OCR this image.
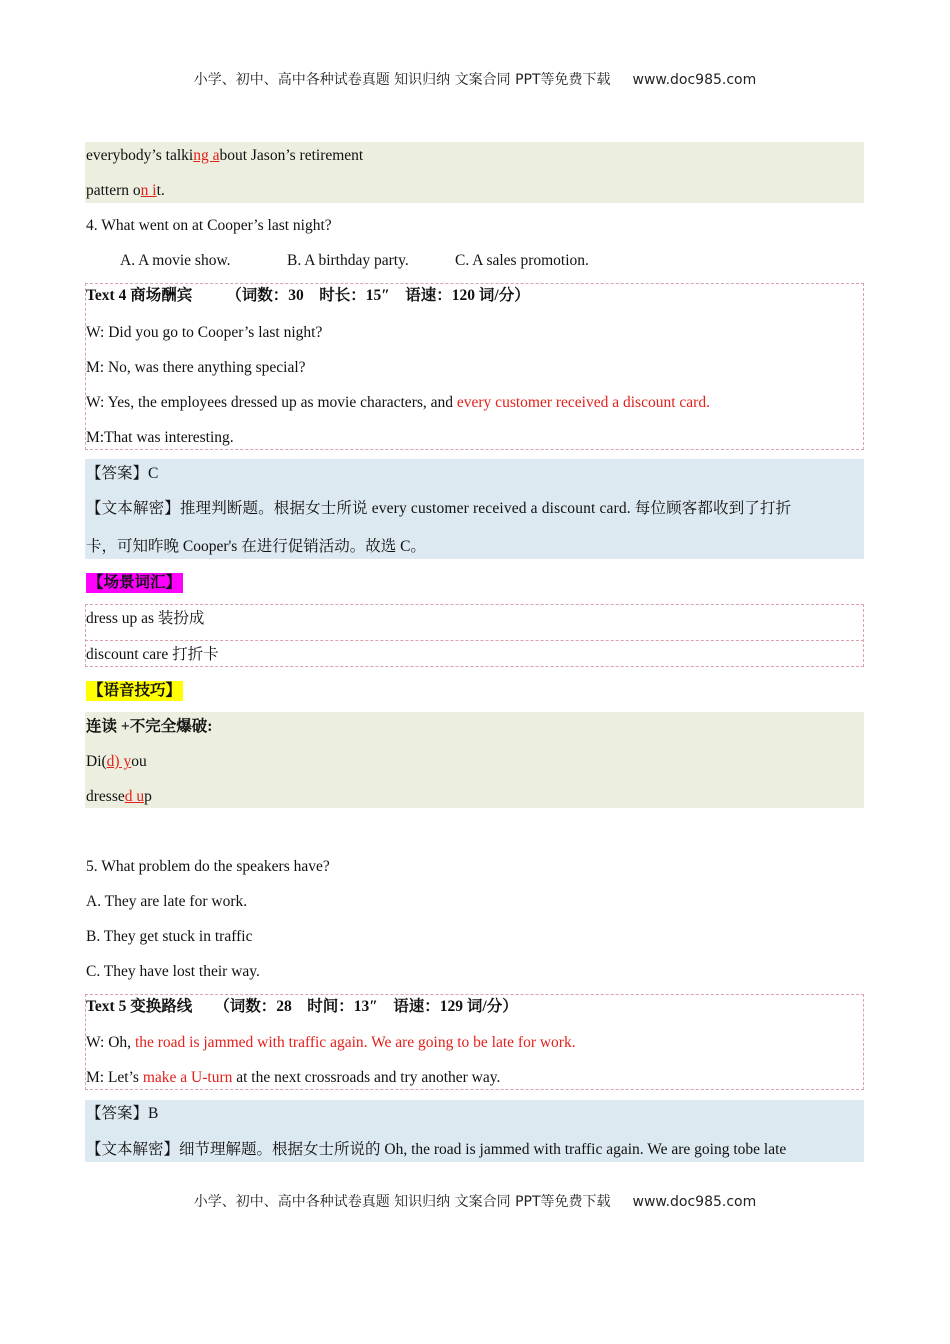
小学、初中、高中各种试卷真题 知识归纳 文案合同 PPT等免费下载 www.doc985.com
everybody’s talking about Jason’s retirement
pattern on it.
4. What went on at Cooper’s last night?
A. A movie show.	B. A birthday party.	C. A sales promotion.
Text 4 商场酬宾 （词数：30　时长：15″　语速：120 词/分）
W: Did you go to Cooper’s last night?
M: No, was there anything special?
W: Yes, the employees dressed up as movie characters, and every customer received a discount card.
M:That was interesting.
【答案】C
【文本解密】推理判断题。根据女士所说 every customer received a discount card. 每位顾客都收到了打折
卡，可知昨晚 Cooper's 在进行促销活动。故选 C。
【场景词汇】
dress up as 装扮成
discount care 打折卡
【语音技巧】
连读 +不完全爆破:
Di(d) you
dressed up
5. What problem do the speakers have?
A. They are late for work.
B. They get stuck in traffic
C. They have lost their way.
Text 5 变换路线 （词数：28　时间：13″　语速：129 词/分）
W: Oh, the road is jammed with traffic again. We are going to be late for work.
M: Let’s make a U-turn at the next crossroads and try another way.
【答案】B
【文本解密】细节理解题。根据女士所说的 Oh, the road is jammed with traffic again. We are going tobe late
小学、初中、高中各种试卷真题 知识归纳 文案合同 PPT等免费下载 www.doc985.com
